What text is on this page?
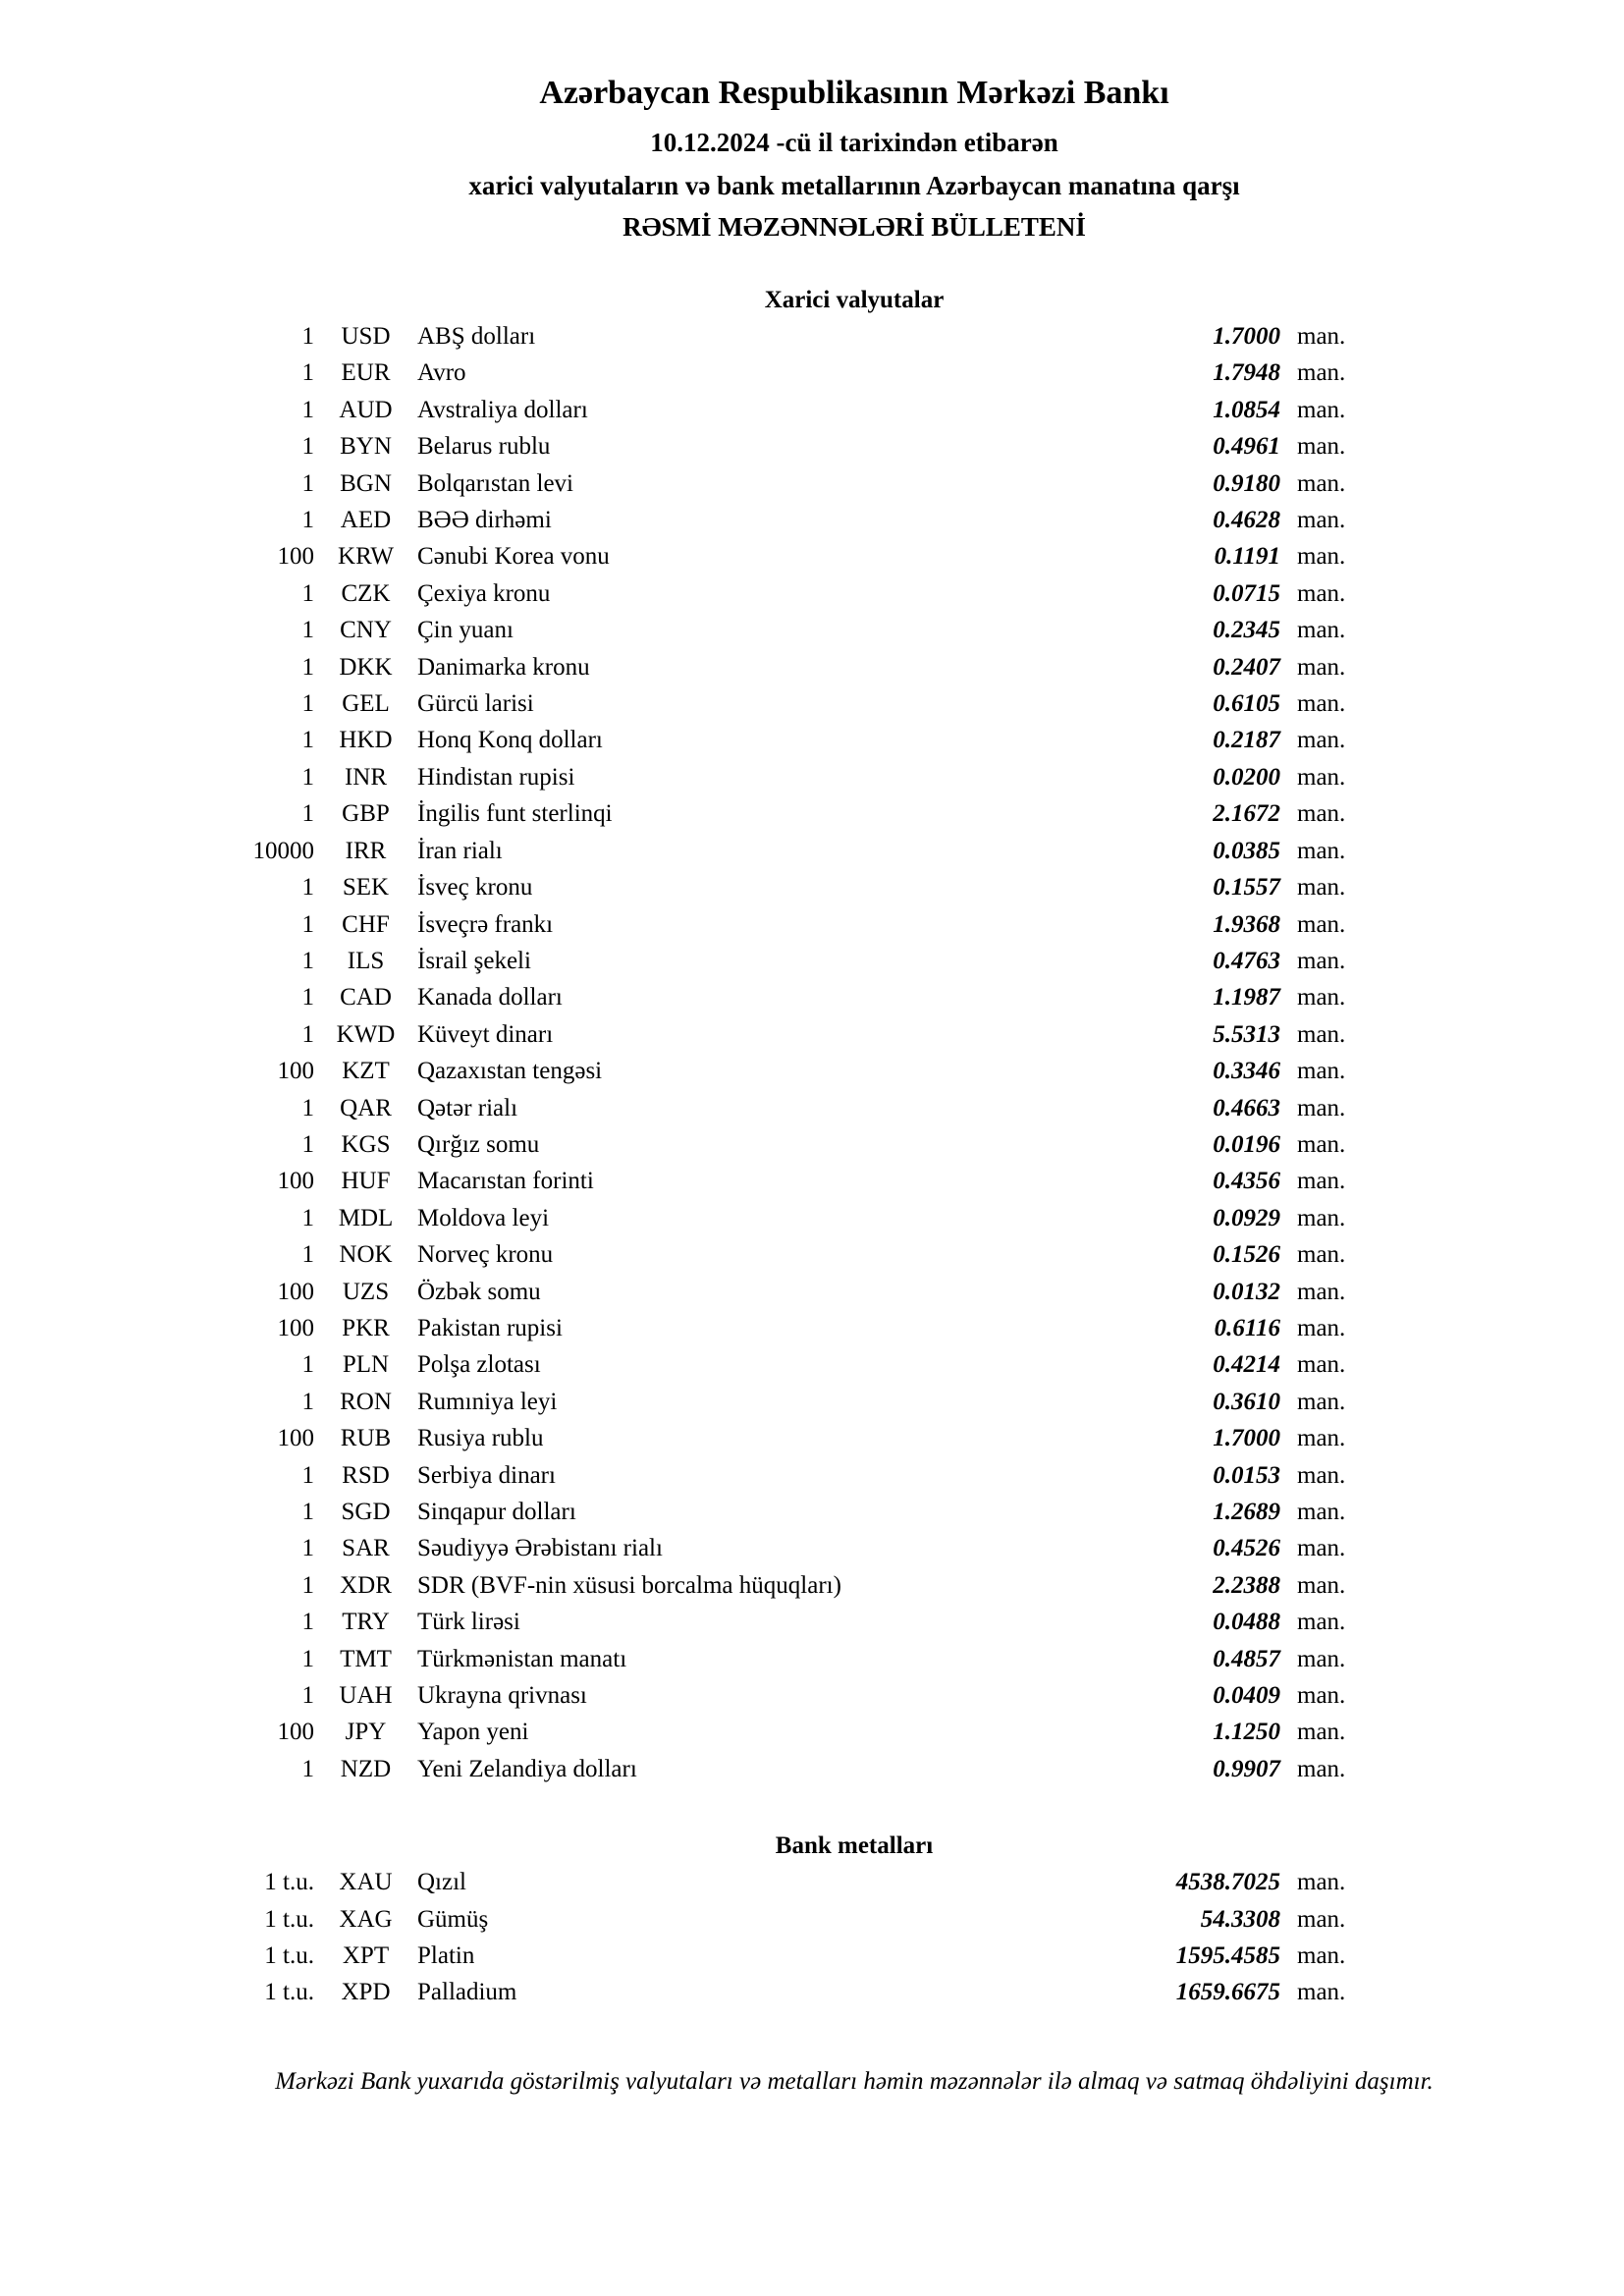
Azərbaycan Respublikasının Mərkəzi Bankı

10.12.2024 -cü il tarixindən etibarən

xarici valyutaların və bank metallarının Azərbaycan manatına qarşı

RƏSMİ MƏZƏNNƏLƏRİ BÜLLETENİ

Xarici valyutalar
1	USD	ABŞ dolları	1.7000 man.
1	EUR	Avro	1.7948 man.
1	AUD	Avstraliya dolları	1.0854 man.
1	BYN	Belarus rublu	0.4961 man.
1	BGN	Bolqarıstan levi	0.9180 man.
1	AED	BƏƏ dirhəmi	0.4628 man.
100 KRW Cənubi Korea vonu	0.1191 man.
1	CZK	Çexiya kronu	0.0715 man.
1	CNY	Çin yuanı	0.2345 man.
1	DKK	Danimarka kronu	0.2407 man.
1	GEL	Gürcü larisi	0.6105 man.
1	HKD	Honq Konq dolları	0.2187 man.
1	INR	Hindistan rupisi	0.0200 man.
1	GBP	İngilis funt sterlinqi	2.1672 man.
10000	IRR	İran rialı	0.0385 man.
1	SEK	İsveç kronu	0.1557 man.
1	CHF	İsveçrə frankı	1.9368 man.
1	ILS	İsrail şekeli	0.4763 man.
1	CAD	Kanada dolları	1.1987 man.
1 KWD Küveyt dinarı	5.5313 man.
100	KZT	Qazaxıstan tengəsi	0.3346 man.
1	QAR	Qətər rialı	0.4663 man.
1	KGS	Qırğız somu	0.0196 man.
100	HUF	Macarıstan forinti	0.4356 man.
1 MDL Moldova leyi	0.0929 man.
1	NOK	Norveç kronu	0.1526 man.
100	UZS	Özbək somu	0.0132 man.
100	PKR	Pakistan rupisi	0.6116 man.
1	PLN	Polşa zlotası	0.4214 man.
1	RON	Rumıniya leyi	0.3610 man.
100	RUB	Rusiya rublu	1.7000 man.
1	RSD	Serbiya dinarı	0.0153 man.
1	SGD	Sinqapur dolları	1.2689 man.
1	SAR	Səudiyyə Ərəbistanı rialı	0.4526 man.
1	XDR	SDR (BVF-nin xüsusi borcalma hüquqları)	2.2388 man.
1	TRY	Türk lirəsi	0.0488 man.
1	TMT	Türkmənistan manatı	0.4857 man.
1	UAH	Ukrayna qrivnası	0.0409 man.
100	JPY	Yapon yeni	1.1250 man.
1	NZD	Yeni Zelandiya dolları	0.9907 man.
Bank metalları
1 t.u.	XAU	Qızıl	4538.7025 man.
1 t.u.	XAG	Gümüş	54.3308 man.
1 t.u.	XPT	Platin	1595.4585 man.
1 t.u.	XPD	Palladium	1659.6675 man.

Mərkəzi Bank yuxarıda göstərilmiş valyutaları və metalları həmin məzənnələr ilə almaq və satmaq öhdəliyini daşımır.
